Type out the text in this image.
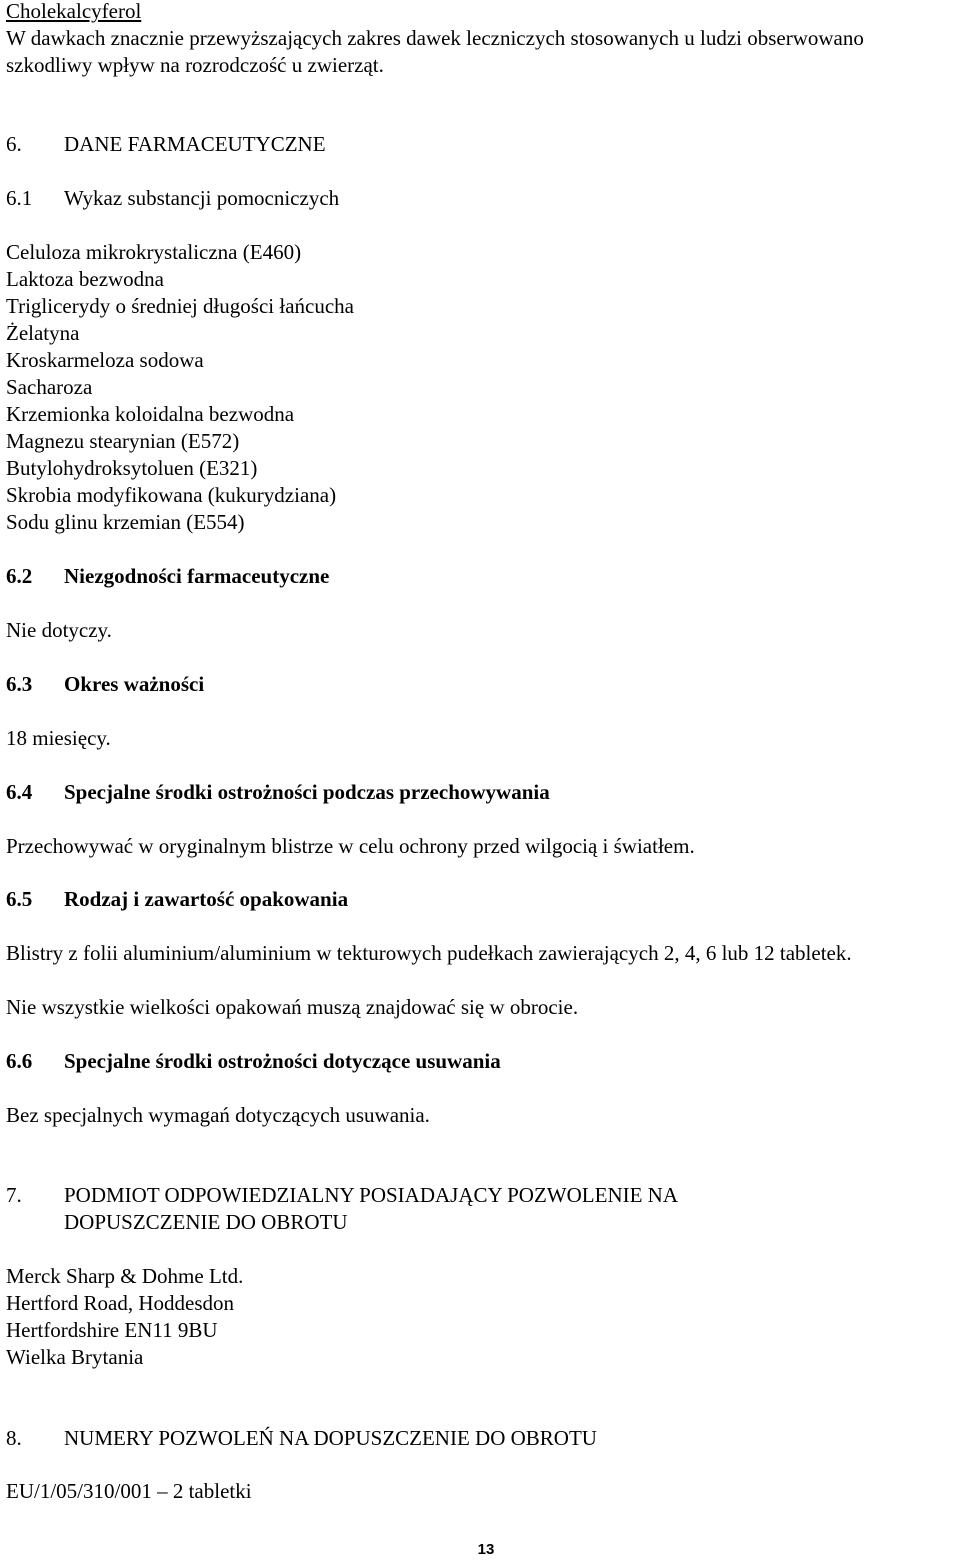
Cholekalcyferol
W dawkach znacznie przewyższających zakres dawek leczniczych stosowanych u ludzi obserwowano
szkodliwy wpływ na rozrodczość u zwierząt.
6. DANE FARMACEUTYCZNE
6.1 Wykaz substancji pomocniczych
Celuloza mikrokrystaliczna (E460)
Laktoza bezwodna
Triglicerydy o średniej długości łańcucha
Żelatyna
Kroskarmeloza sodowa
Sacharoza
Krzemionka koloidalna bezwodna
Magnezu stearynian (E572)
Butylohydroksytoluen (E321)
Skrobia modyfikowana (kukurydziana)
Sodu glinu krzemian (E554)
6.2 Niezgodności farmaceutyczne
Nie dotyczy.
6.3 Okres ważności
18 miesięcy.
6.4 Specjalne środki ostrożności podczas przechowywania
Przechowywać w oryginalnym blistrze w celu ochrony przed wilgocią i światłem.
6.5 Rodzaj i zawartość opakowania
Blistry z folii aluminium/aluminium w tekturowych pudełkach zawierających 2, 4, 6 lub 12 tabletek.
Nie wszystkie wielkości opakowań muszą znajdować się w obrocie.
6.6 Specjalne środki ostrożności dotyczące usuwania
Bez specjalnych wymagań dotyczących usuwania.
7. PODMIOT ODPOWIEDZIALNY POSIADAJĄCY POZWOLENIE NA
DOPUSZCZENIE DO OBROTU
Merck Sharp & Dohme Ltd.
Hertford Road, Hoddesdon
Hertfordshire EN11 9BU
Wielka Brytania
8. NUMERY POZWOLEŃ NA DOPUSZCZENIE DO OBROTU
EU/1/05/310/001 – 2 tabletki
13
